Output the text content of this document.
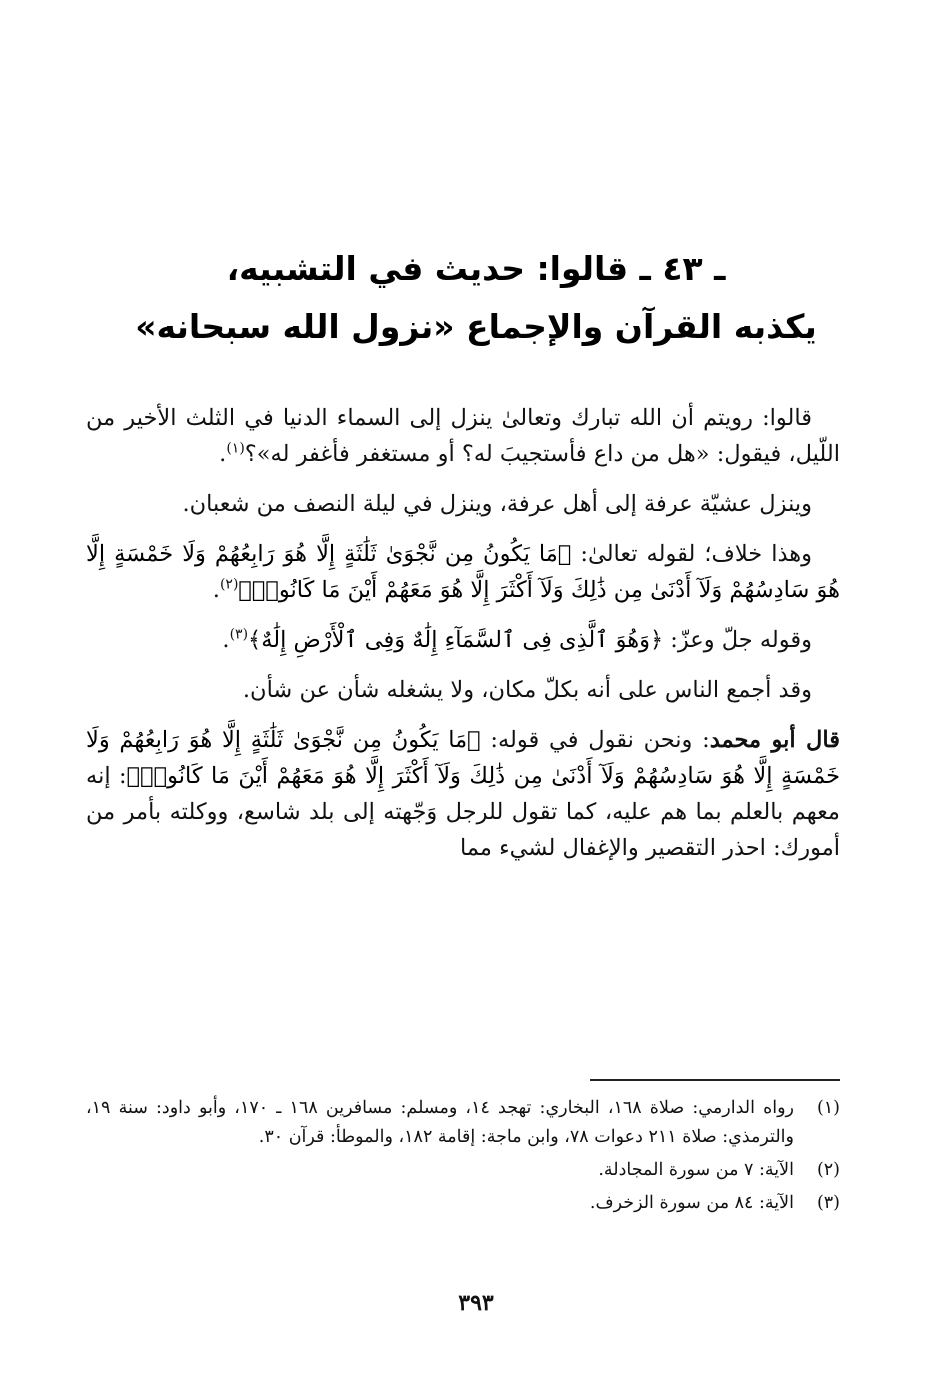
ـ ٤٣ ـ قالوا: حديث في التشبيه،
يكذبه القرآن والإجماع «نزول الله سبحانه»

قالوا: رويتم أن الله تبارك وتعالىٰ ينزل إلى السماء الدنيا في الثلث الأخير من اللّيل، فيقول: «هل من داع فأستجيبَ له؟ أو مستغفر فأغفر له»؟$^{(١)}$.

وينزل عشيّة عرفة إلى أهل عرفة، وينزل في ليلة النصف من شعبان.

وهذا خلاف؛ لقوله تعالىٰ: ﴿مَا يَكُونُ مِن نَّجْوَىٰ ثَلَٰثَةٍ إِلَّا هُوَ رَابِعُهُمْ وَلَا خَمْسَةٍ إِلَّا هُوَ سَادِسُهُمْ وَلَآ أَدْنَىٰ مِن ذَٰلِكَ وَلَآ أَكْثَرَ إِلَّا هُوَ مَعَهُمْ أَيْنَ مَا كَانُوا۟﴾$^{(٢)}$.

وقوله جلّ وعزّ: ﴿وَهُوَ ٱلَّذِى فِى ٱلسَّمَآءِ إِلَٰهٌ وَفِى ٱلْأَرْضِ إِلَٰهٌ﴾$^{(٣)}$.

وقد أجمع الناس على أنه بكلّ مكان، ولا يشغله شأن عن شأن.

قال أبو محمد: ونحن نقول في قوله: ﴿مَا يَكُونُ مِن نَّجْوَىٰ ثَلَٰثَةٍ إِلَّا هُوَ رَابِعُهُمْ وَلَا خَمْسَةٍ إِلَّا هُوَ سَادِسُهُمْ وَلَآ أَدْنَىٰ مِن ذَٰلِكَ وَلَآ أَكْثَرَ إِلَّا هُوَ مَعَهُمْ أَيْنَ مَا كَانُوا۟﴾: إنه معهم بالعلم بما هم عليه، كما تقول للرجل وَجّهته إلى بلد شاسع، ووكلته بأمر من أمورك: احذر التقصير والإغفال لشيء مما

(١)
رواه الدارمي: صلاة ١٦٨، البخاري: تهجد ١٤، ومسلم: مسافرين ١٦٨ ـ ١٧٠، وأبو داود: سنة ١٩، والترمذي: صلاة ٢١١ دعوات ٧٨، وابن ماجة: إقامة ١٨٢، والموطأ: قرآن ٣٠.
(٢)
الآية: ٧ من سورة المجادلة.
(٣)
الآية: ٨٤ من سورة الزخرف.
٣٩٣
